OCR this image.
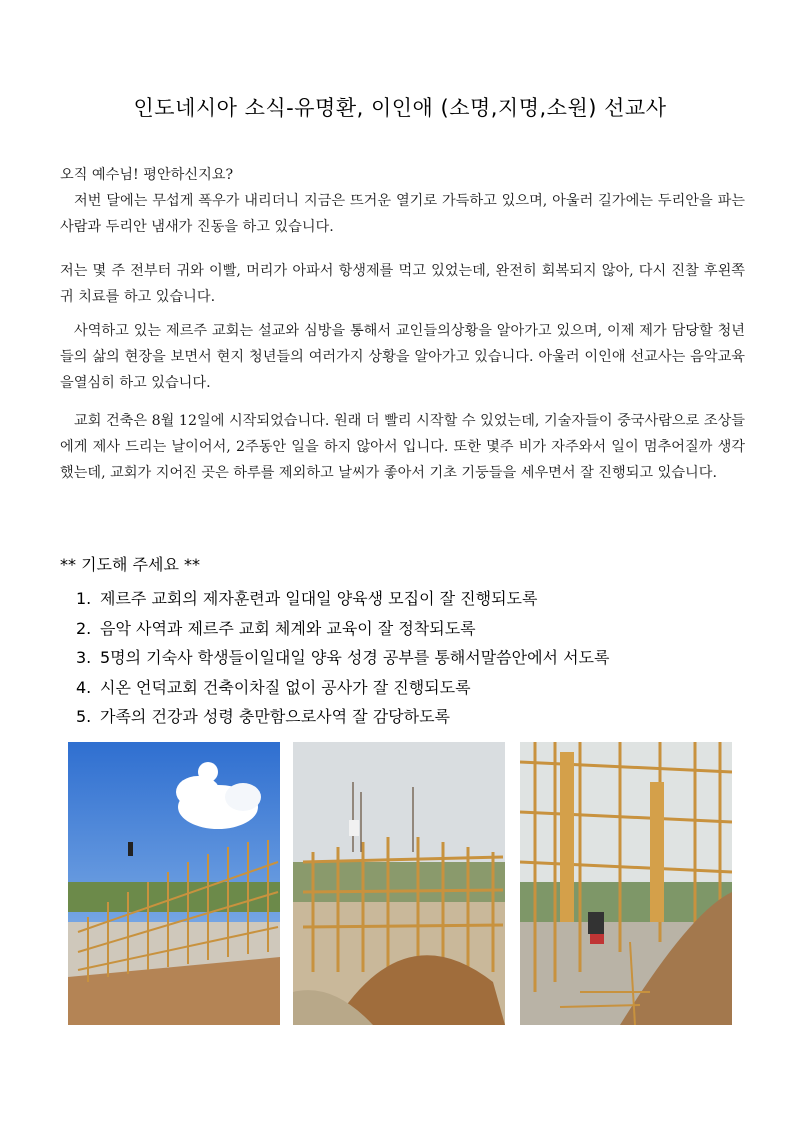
인도네시아 소식-유명환, 이인애 (소명,지명,소원) 선교사

오직 예수님! 평안하신지요?

저번 달에는 무섭게 폭우가 내리더니 지금은 뜨거운 열기로 가득하고 있으며, 아울러 길가에는 두리안을 파는 사람과 두리안 냄새가 진동을 하고 있습니다.

저는 몇 주 전부터 귀와 이빨, 머리가 아파서 항생제를 먹고 있었는데, 완전히 회복되지 않아, 다시 진찰 후왼쪽 귀 치료를 하고 있습니다.

사역하고 있는 제르주 교회는 설교와 심방을 통해서 교인들의상황을 알아가고 있으며, 이제 제가 담당할 청년들의 삶의 현장을 보면서 현지 청년들의 여러가지 상황을 알아가고 있습니다. 아울러 이인애 선교사는 음악교육을열심히 하고 있습니다.

교회 건축은 8월 12일에 시작되었습니다. 원래 더 빨리 시작할 수 있었는데, 기술자들이 중국사람으로 조상들에게 제사 드리는 날이어서, 2주동안 일을 하지 않아서 입니다. 또한 몇주 비가 자주와서 일이 멈추어질까 생각했는데, 교회가 지어진 곳은 하루를 제외하고 날씨가 좋아서 기초 기둥들을 세우면서 잘 진행되고 있습니다.

** 기도해 주세요 **
1. 제르주 교회의 제자훈련과 일대일 양육생 모집이 잘 진행되도록
2. 음악 사역과 제르주 교회 체계와 교육이 잘 정착되도록
3. 5명의 기숙사 학생들이일대일 양육 성경 공부를 통해서말씀안에서 서도록
4. 시온 언덕교회 건축이차질 없이 공사가 잘 진행되도록
5. 가족의 건강과 성령 충만함으로사역 잘 감당하도록
